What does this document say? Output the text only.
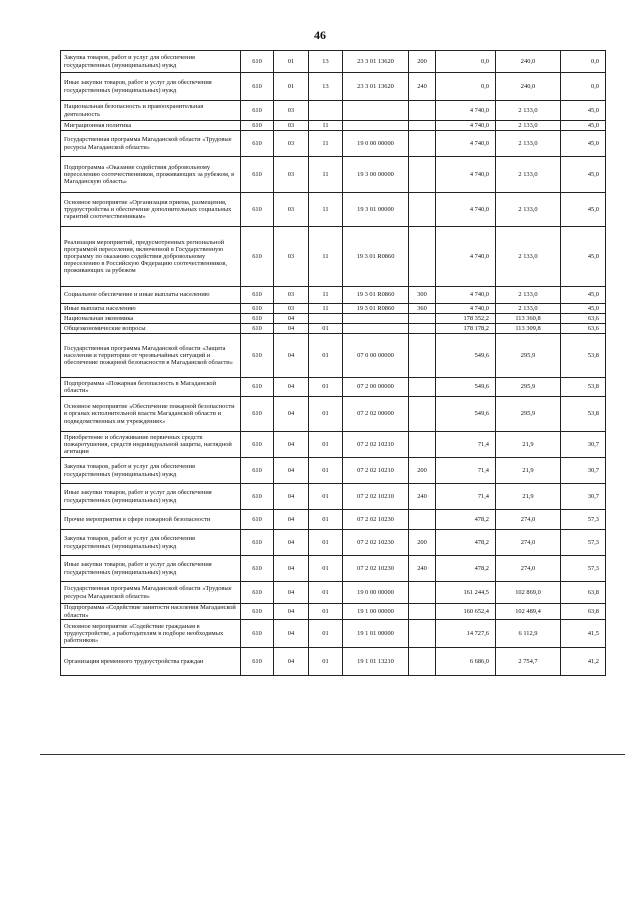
46
Закупка товаров, работ и услуг для обеспечения государственных (муниципальных) нужд	610	01	13	23 3 01 13620	200	0,0	240,0	0,0
Иные закупки товаров, работ и услуг для обеспечения государственных (муниципальных) нужд	610	01	13	23 3 01 13620	240	0,0	240,0	0,0
Национальная безопасность и правоохранительная деятельность	610	03				4 740,0	2 133,0	45,0
Миграционная политика	610	03	11			4 740,0	2 133,0	45,0
Государственная программа Магаданской области «Трудовые ресурсы Магаданской области»	610	03	11	19 0 00 00000		4 740,0	2 133,0	45,0
Подпрограмма «Оказание содействия добровольному переселению соотечественников, проживающих за рубежом, в Магаданскую область»	610	03	11	19 3 00 00000		4 740,0	2 133,0	45,0
Основное мероприятие «Организация приема, размещения, трудоустройства и обеспечение дополнительных социальных гарантий соотечественникам»	610	03	11	19 3 01 00000		4 740,0	2 133,0	45,0
Реализация мероприятий, предусмотренных региональной программой переселения, включенной в Государственную программу по оказанию содействия добровольному переселению в Российскую Федерацию соотечественников, проживающих за рубежом	610	03	11	19 3 01 R0860		4 740,0	2 133,0	45,0
Социальное обеспечение и иные выплаты населению	610	03	11	19 3 01 R0860	300	4 740,0	2 133,0	45,0
Иные выплаты населению	610	03	11	19 3 01 R0860	360	4 740,0	2 133,0	45,0
Национальная экономика	610	04				178 352,2	113 360,8	63,6
Общеэкономические вопросы	610	04	01			178 178,2	113 309,8	63,6
Государственная программа Магаданской области «Защита населения и территории от чрезвычайных ситуаций и обеспечение пожарной безопасности в Магаданской области»	610	04	01	07 0 00 00000		549,6	295,9	53,8
Подпрограмма «Пожарная безопасность в Магаданской области»	610	04	01	07 2 00 00000		549,6	295,9	53,8
Основное мероприятие «Обеспечение пожарной безопасности в органах исполнительной власти Магаданской области и подведомственных им учреждениях»	610	04	01	07 2 02 00000		549,6	295,9	53,8
Приобретение и обслуживание первичных средств пожаротушения, средств индивидуальной защиты, наглядной агитации	610	04	01	07 2 02 10210		71,4	21,9	30,7
Закупка товаров, работ и услуг для обеспечения государственных (муниципальных) нужд	610	04	01	07 2 02 10210	200	71,4	21,9	30,7
Иные закупки товаров, работ и услуг для обеспечения государственных (муниципальных) нужд	610	04	01	07 2 02 10210	240	71,4	21,9	30,7
Прочие мероприятия в сфере пожарной безопасности	610	04	01	07 2 02 10230		478,2	274,0	57,3
Закупка товаров, работ и услуг для обеспечения государственных (муниципальных) нужд	610	04	01	07 2 02 10230	200	478,2	274,0	57,3
Иные закупки товаров, работ и услуг для обеспечения государственных (муниципальных) нужд	610	04	01	07 2 02 10230	240	478,2	274,0	57,3
Государственная программа Магаданской области «Трудовые ресурсы Магаданской области»	610	04	01	19 0 00 00000		161 244,5	102 869,0	63,8
Подпрограмма «Содействие занятости населения Магаданской области»	610	04	01	19 1 00 00000		160 652,4	102 489,4	63,8
Основное мероприятие «Содействие гражданам в трудоустройстве, а работодателям в подборе необходимых работников»	610	04	01	19 1 01 00000		14 727,6	6 112,9	41,5
Организация временного трудоустройства граждан	610	04	01	19 1 01 13210		6 686,0	2 754,7	41,2
